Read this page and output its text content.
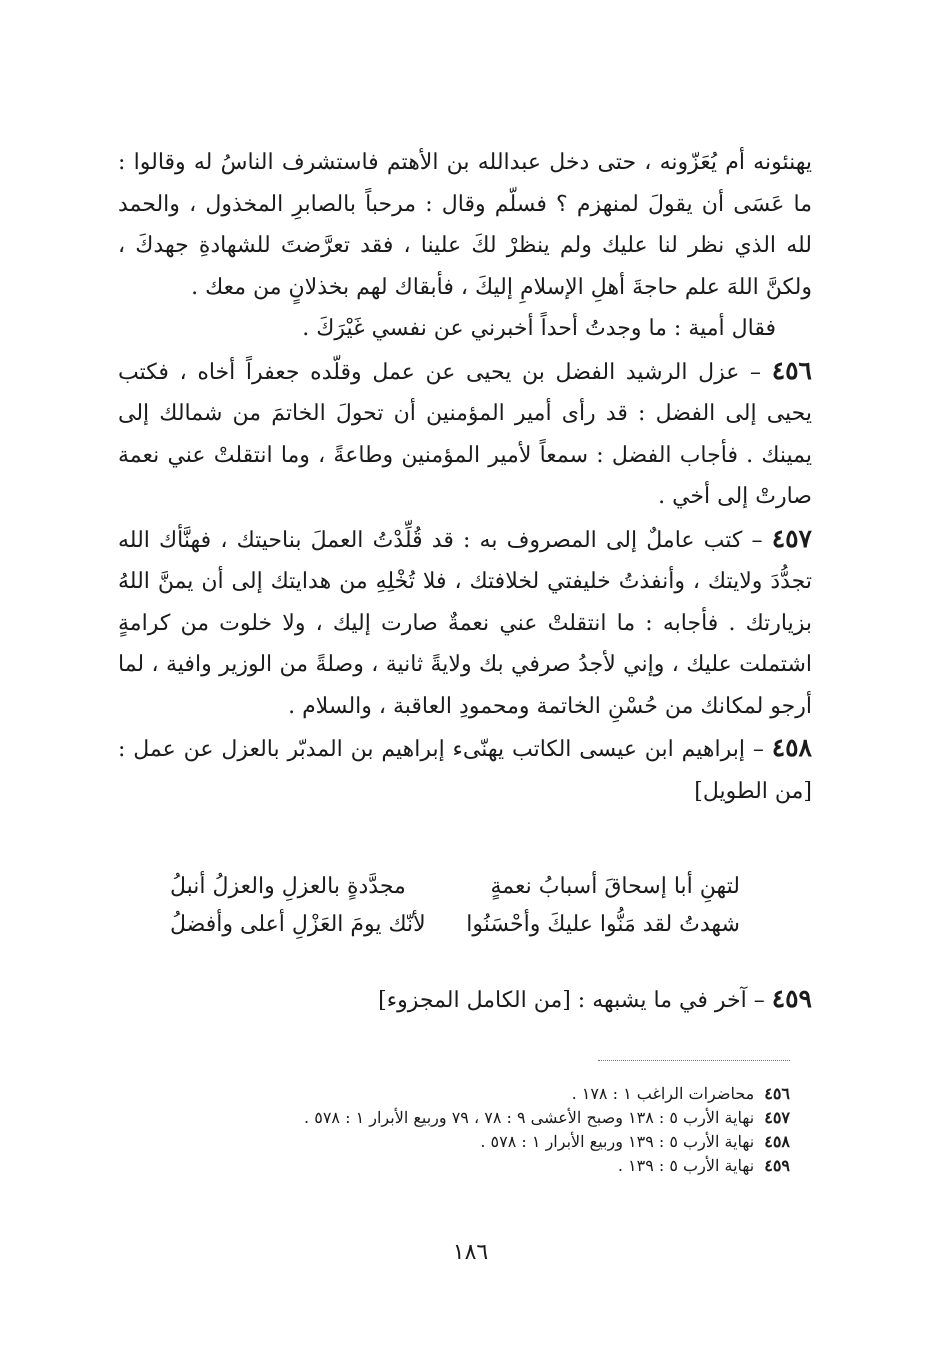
يهنئونه أم يُعَزّونه ، حتى دخل عبدالله بن الأهتم فاستشرف الناسُ له وقالوا : ما عَسَى أن يقولَ لمنهزم ؟ فسلّم وقال : مرحباً بالصابرِ المخذول ، والحمد لله الذي نظر لنا عليك ولم ينظرْ لكَ علينا ، فقد تعرَّضتَ للشهادةِ جهدكَ ، ولكنَّ اللهَ علم حاجةَ أهلِ الإسلامِ إليكَ ، فأبقاك لهم بخذلانٍ من معك .

فقال أمية : ما وجدتُ أحداً أخبرني عن نفسي غَيْرَكَ .

٤٥٦ – عزل الرشيد الفضل بن يحيى عن عمل وقلّده جعفراً أخاه ، فكتب يحيى إلى الفضل : قد رأى أمير المؤمنين أن تحولَ الخاتمَ من شمالك إلى يمينك . فأجاب الفضل : سمعاً لأمير المؤمنين وطاعةً ، وما انتقلتْ عني نعمة صارتْ إلى أخي .

٤٥٧ – كتب عاملٌ إلى المصروف به : قد قُلِّدْتُ العملَ بناحيتك ، فهنَّأك الله تجدُّدَ ولايتك ، وأنفذتُ خليفتي لخلافتك ، فلا تُخْلِهِ من هدايتك إلى أن يمنَّ اللهُ بزيارتك . فأجابه : ما انتقلتْ عني نعمةٌ صارت إليك ، ولا خلوت من كرامةٍ اشتملت عليك ، وإني لأجدُ صرفي بك ولايةً ثانية ، وصلةً من الوزير وافية ، لما أرجو لمكانك من حُسْنِ الخاتمة ومحمودِ العاقبة ، والسلام .

٤٥٨ – إبراهيم ابن عيسى الكاتب يهنّىء إبراهيم بن المدبّر بالعزل عن عمل : [من الطويل]

لتهنِ أبا إسحاقَ أسبابُ نعمةٍ
مجدَّدةٍ بالعزلِ والعزلُ أنبلُ
شهدتُ لقد مَنُّوا عليكَ وأحْسَنُوا
لأنّك يومَ العَزْلِ أعلى وأفضلُ

٤٥٩ – آخر في ما يشبهه : [من الكامل المجزوء]

٤٥٦
محاضرات الراغب ١ : ١٧٨ .
٤٥٧
نهاية الأرب ٥ : ١٣٨ وصبح الأعشى ٩ : ٧٨ ، ٧٩ وربيع الأبرار ١ : ٥٧٨ .
٤٥٨
نهاية الأرب ٥ : ١٣٩ وربيع الأبرار ١ : ٥٧٨ .
٤٥٩
نهاية الأرب ٥ : ١٣٩ .
١٨٦
